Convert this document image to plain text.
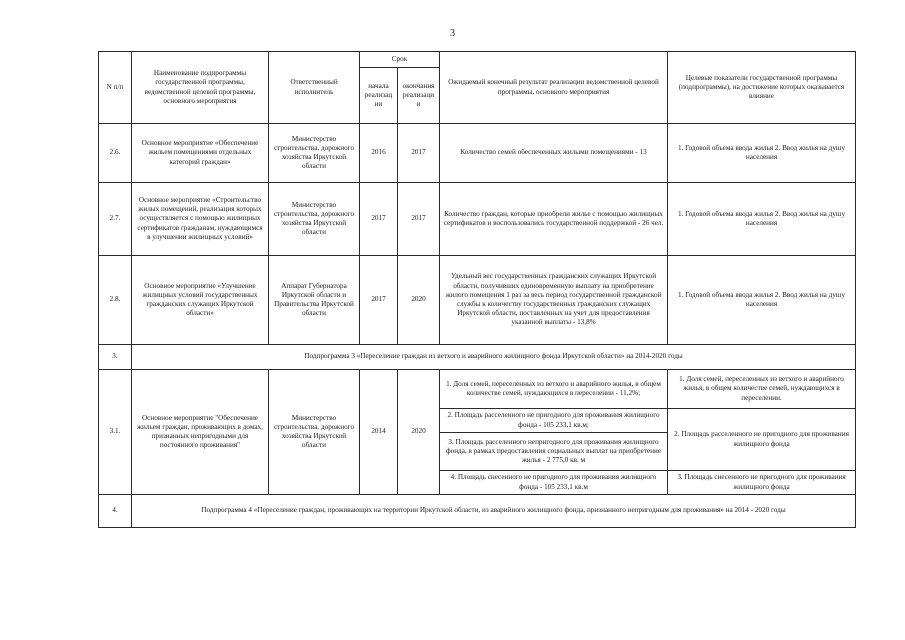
3
N п/п	Наименование подпрограммы государственной программы, ведомственной целевой программы, основного мероприятия	Ответственный исполнитель	Срок		Ожидаемый конечный результат реализации ведомственной целевой программы, основного мероприятия	Целевые показатели государственной программы (подпрограммы), на достижение которых оказывается влияние
			начала реализации	окончания реализации		
2.6.	Основное мероприятие «Обеспечение жильем помещениями отдельных категорий граждан»	Министерство строительства, дорожного хозяйства Иркутской области	2016	2017	Количество семей обеспеченных жилыми помещениями - 13	1. Годовой объема ввода жилья 2. Ввод жилья на душу населения
2.7.	Основное мероприятие «Строительство жилых помещений, реализация которых осуществляется с помощью жилищных сертификатов гражданам, нуждающимся в улучшении жилищных условий»	Министерство строительства, дорожного хозяйства Иркутской области	2017	2017	Количество граждан, которые приобрели жилье с помощью жилищных сертификатов и воспользовались государственной поддержкой - 26 чел.	1. Годовой объема ввода жилья 2. Ввод жилья на душу населения
2.8.	Основное мероприятие «Улучшение жилищных условий государственных гражданских служащих Иркутской области»	Аппарат Губернатора Иркутской области и Правительства Иркутской области	2017	2020	Удельный вес государственных гражданских служащих Иркутской области, получивших единовременную выплату на приобретение жилого помещения 1 раз за весь период государственной гражданской службы к количеству государственных гражданских служащих Иркутской области, поставленных на учет для предоставления указанной выплаты - 13,8%	1. Годовой объема ввода жилья 2. Ввод жилья на душу населения
3.	Подпрограмма 3 «Переселение граждан из ветхого и аварийного жилищного фонда Иркутской области» на 2014-2020 годы					
3.1.	Основное мероприятие "Обеспечение жильем граждан, проживающих в домах, признанных непригодными для постоянного проживания"	Министерство строительства, дорожного хозяйства Иркутской области	2014	2020	1. Доля семей, переселенных из ветхого и аварийного жилья, в общем количестве семей, нуждающихся в переселении - 11,2%;	1. Доля семей, переселенных из ветхого и аварийного жилья, в общем количестве семей, нуждающихся в переселении.
					2. Площадь расселенного не пригодного для проживания жилищного фонда - 105 233,1 кв.м;	2. Площадь расселенного не пригодного для проживания жилищного фонда
					3. Площадь расселенного непригодного для проживания жилищного фонда, в рамках предоставления социальных выплат на приобретение жилья - 2 775,0 кв. м	
					4. Площадь снесенного не пригодного для проживания жилищного фонда - 105 233,1 кв.м	3. Площадь снесенного не пригодного для проживания жилищного фонда
4.	Подпрограмма 4 «Переселение граждан, проживающих на территории Иркутской области, из аварийного жилищного фонда, признанного непригодным для проживания» на 2014 - 2020 годы					
